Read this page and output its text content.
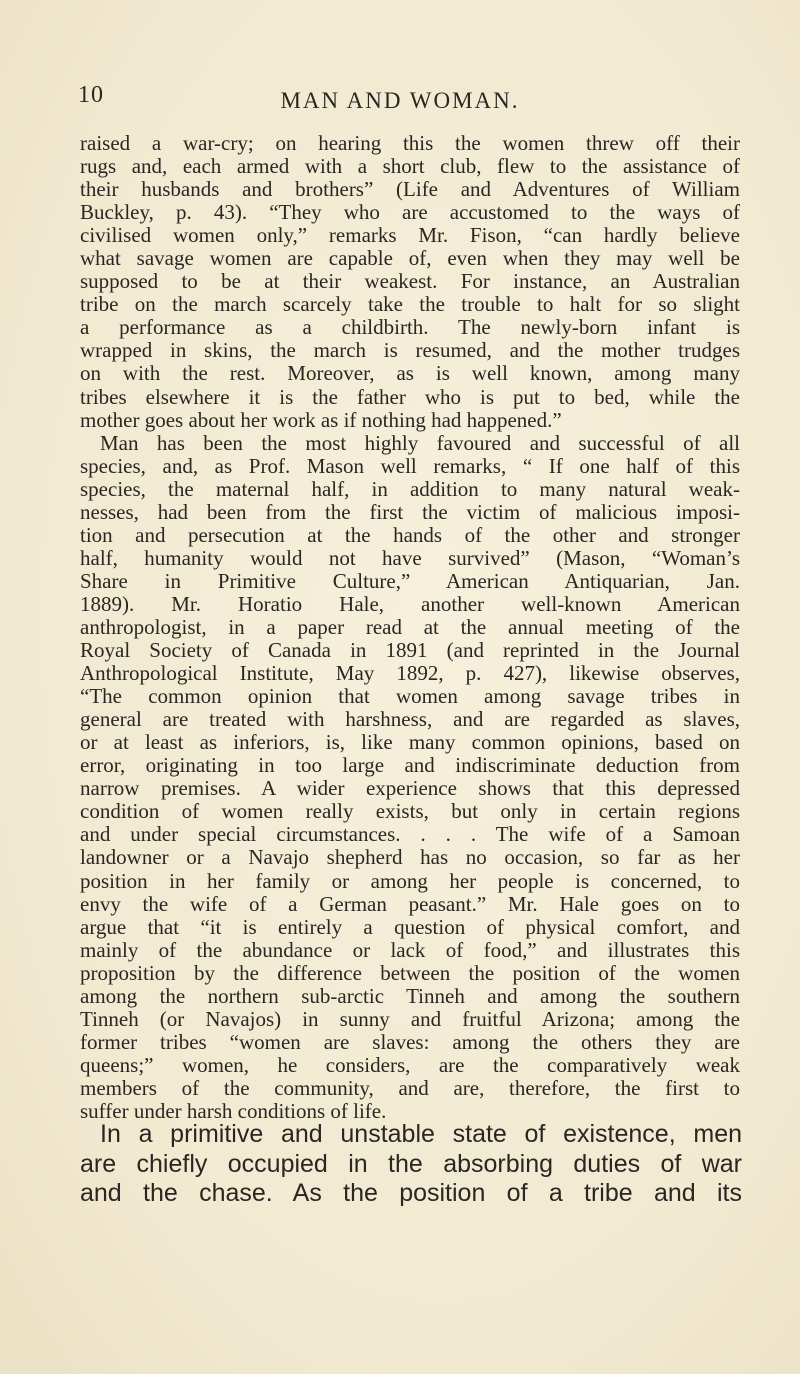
10	MAN AND WOMAN.
raised a war-cry; on hearing this the women threw off their
rugs and, each armed with a short club, flew to the assistance of
their husbands and brothers” (Life and Adventures of William
Buckley, p. 43). “They who are accustomed to the ways of
civilised women only,” remarks Mr. Fison, “can hardly believe
what savage women are capable of, even when they may well be
supposed to be at their weakest. For instance, an Australian
tribe on the march scarcely take the trouble to halt for so slight
a performance as a childbirth. The newly-born infant is
wrapped in skins, the march is resumed, and the mother trudges
on with the rest. Moreover, as is well known, among many
tribes elsewhere it is the father who is put to bed, while the
mother goes about her work as if nothing had happened.”
Man has been the most highly favoured and successful of all
species, and, as Prof. Mason well remarks, “ If one half of this
species, the maternal half, in addition to many natural weak-
nesses, had been from the first the victim of malicious imposi-
tion and persecution at the hands of the other and stronger
half, humanity would not have survived” (Mason, “Woman’s
Share in Primitive Culture,” American Antiquarian, Jan.
1889). Mr. Horatio Hale, another well-known American
anthropologist, in a paper read at the annual meeting of the
Royal Society of Canada in 1891 (and reprinted in the Journal
Anthropological Institute, May 1892, p. 427), likewise observes,
“The common opinion that women among savage tribes in
general are treated with harshness, and are regarded as slaves,
or at least as inferiors, is, like many common opinions, based on
error, originating in too large and indiscriminate deduction from
narrow premises. A wider experience shows that this depressed
condition of women really exists, but only in certain regions
and under special circumstances. . . . The wife of a Samoan
landowner or a Navajo shepherd has no occasion, so far as her
position in her family or among her people is concerned, to
envy the wife of a German peasant.” Mr. Hale goes on to
argue that “it is entirely a question of physical comfort, and
mainly of the abundance or lack of food,” and illustrates this
proposition by the difference between the position of the women
among the northern sub-arctic Tinneh and among the southern
Tinneh (or Navajos) in sunny and fruitful Arizona; among the
former tribes “women are slaves: among the others they are
queens;” women, he considers, are the comparatively weak
members of the community, and are, therefore, the first to
suffer under harsh conditions of life.
In a primitive and unstable state of existence, men
are chiefly occupied in the absorbing duties of war
and the chase. As the position of a tribe and its
